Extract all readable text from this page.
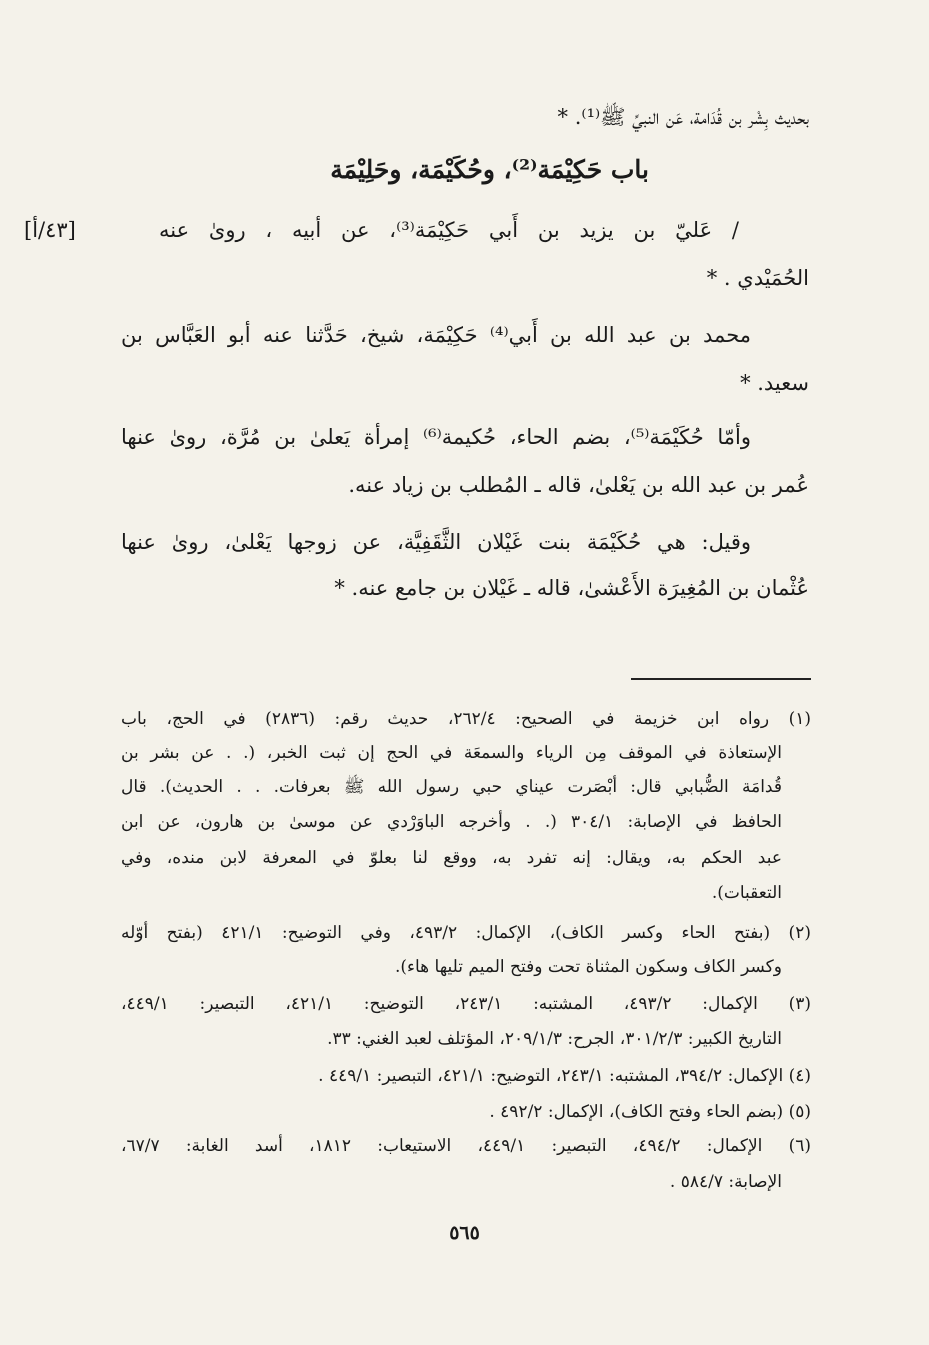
بحديث بِشْر بن قُدَامة، عَن النبيِّ ﷺ⁽¹⁾. *
باب حَكِيْمَة⁽²⁾، وحُكَيْمَة، وحَلِيْمَة
/ عَليّ بن يزيد بن أَبي حَكِيْمَة⁽³⁾، عن أبيه ، روىٰ عنه
[٤٣/أ]
الحُمَيْدي . *
محمد بن عبد الله بن أَبي⁽⁴⁾ حَكِيْمَة، شيخ، حَدَّثنا عنه أبو العَبَّاس بن
سعيد. *
وأمّا حُكَيْمَة⁽⁵⁾، بضم الحاء، حُكيمة⁽⁶⁾ إمرأة يَعلىٰ بن مُرَّة، روىٰ عنها
عُمر بن عبد الله بن يَعْلىٰ، قاله ـ المُطلب بن زياد عنه.
وقيل: هي حُكَيْمَة بنت غَيْلان الثَّقَفِيَّة، عن زوجها يَعْلىٰ، روىٰ عنها
عُثْمان بن المُغِيرَة الأَعْشىٰ، قاله ـ غَيْلان بن جامع عنه. *
(١) رواه ابن خزيمة في الصحيح: ٢٦٢/٤، حديث رقم: (٢٨٣٦) في الحج، باب
الإستعاذة في الموقف مِن الرياء والسمعَة في الحج إن ثبت الخبر، (. . عن بشر بن
قُدامَة الضُّبابي قال: أبْصَرت عيناي حبي رسول الله ﷺ بعرفات. . . الحديث). قال
الحافظ في الإصابة: ٣٠٤/١ (. . وأخرجه الباوَرْدي عن موسىٰ بن هارون، عن ابن
عبد الحكم به، ويقال: إنه تفرد به، ووقع لنا بعلوّ في المعرفة لابن منده، وفي
التعقبات).
(٢) (بفتح الحاء وكسر الكاف)، الإكمال: ٤٩٣/٢، وفي التوضيح: ٤٢١/١ (بفتح أوّله
وكسر الكاف وسكون المثناة تحت وفتح الميم تليها هاء).
(٣) الإكمال: ٤٩٣/٢، المشتبه: ٢٤٣/١، التوضيح: ٤٢١/١، التبصير: ٤٤٩/١،
التاريخ الكبير: ٣٠١/٢/٣، الجرح: ٢٠٩/١/٣، المؤتلف لعبد الغني: ٣٣.
(٤) الإكمال: ٣٩٤/٢، المشتبه: ٢٤٣/١، التوضيح: ٤٢١/١، التبصير: ٤٤٩/١ .
(٥) (بضم الحاء وفتح الكاف)، الإكمال: ٤٩٢/٢ .
(٦) الإكمال: ٤٩٤/٢، التبصير: ٤٤٩/١، الاستيعاب: ١٨١٢، أسد الغابة: ٦٧/٧،
الإصابة: ٥٨٤/٧ .
٥٦٥
